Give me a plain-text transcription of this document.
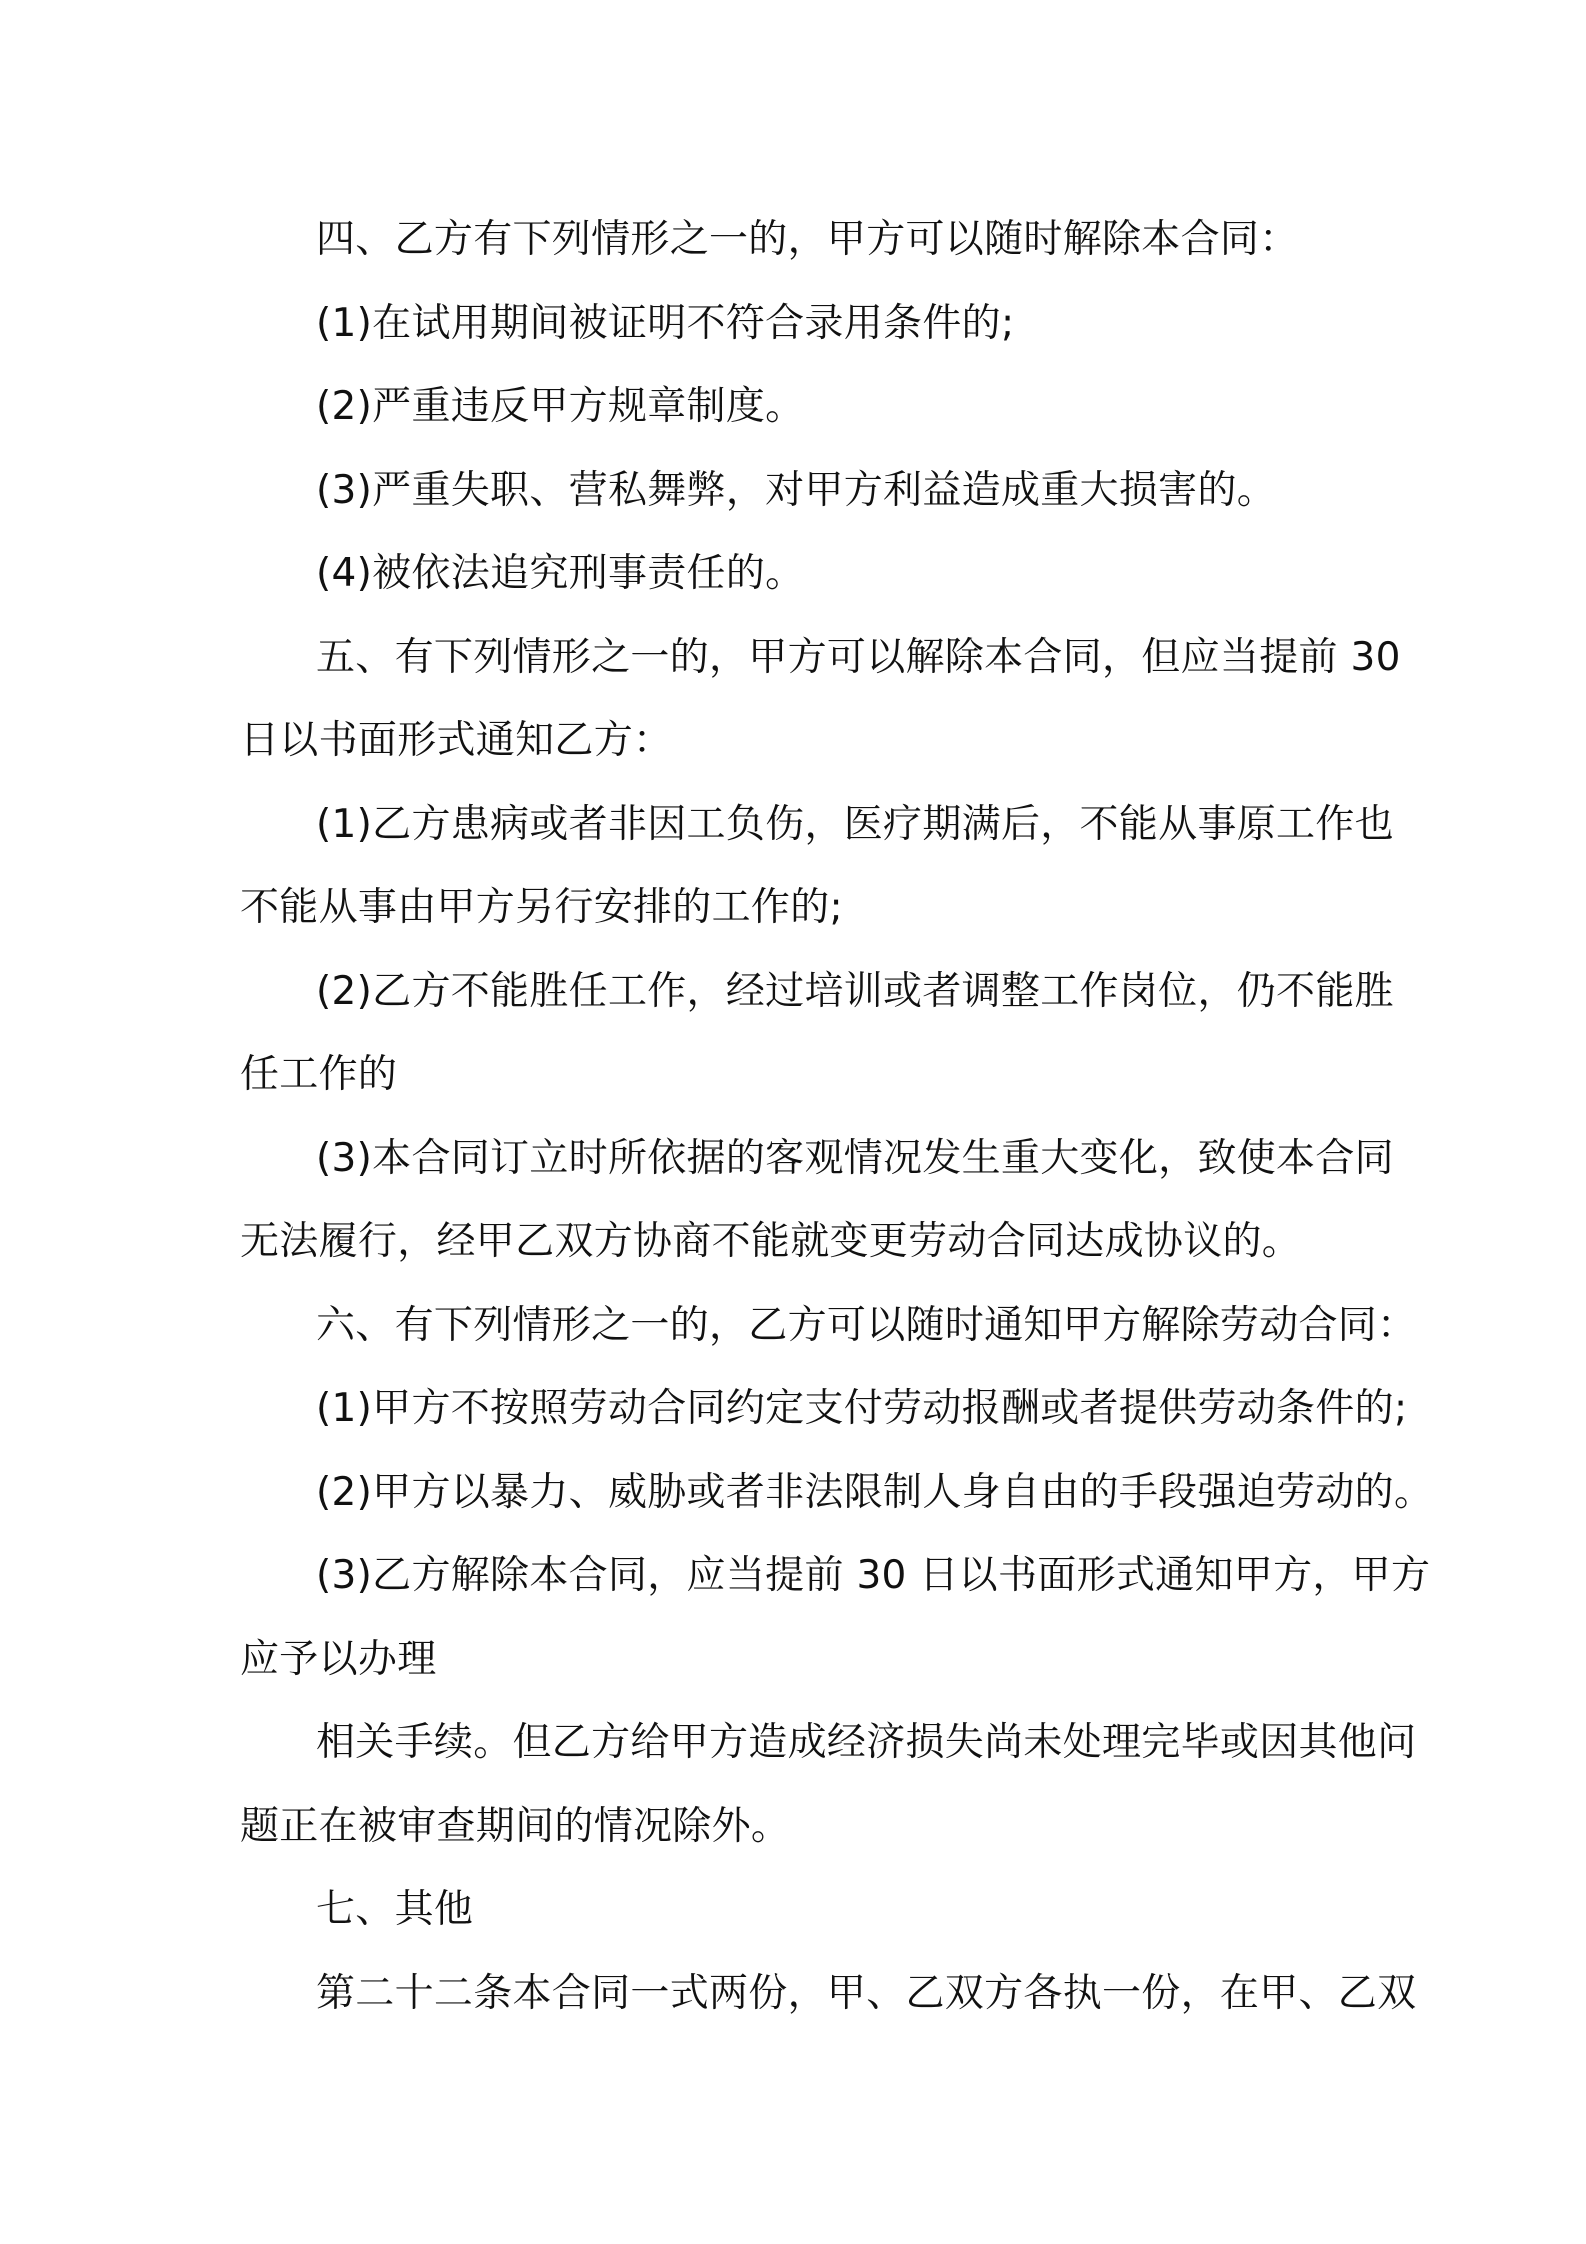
四、乙方有下列情形之一的，甲方可以随时解除本合同：
(1)在试用期间被证明不符合录用条件的;
(2)严重违反甲方规章制度。
(3)严重失职、营私舞弊，对甲方利益造成重大损害的。
(4)被依法追究刑事责任的。
五、有下列情形之一的，甲方可以解除本合同，但应当提前 30
日以书面形式通知乙方：
(1)乙方患病或者非因工负伤，医疗期满后，不能从事原工作也
不能从事由甲方另行安排的工作的;
(2)乙方不能胜任工作，经过培训或者调整工作岗位，仍不能胜
任工作的
(3)本合同订立时所依据的客观情况发生重大变化，致使本合同
无法履行，经甲乙双方协商不能就变更劳动合同达成协议的。
六、有下列情形之一的，乙方可以随时通知甲方解除劳动合同：
(1)甲方不按照劳动合同约定支付劳动报酬或者提供劳动条件的;
(2)甲方以暴力、威胁或者非法限制人身自由的手段强迫劳动的。
(3)乙方解除本合同，应当提前 30 日以书面形式通知甲方，甲方
应予以办理
相关手续。但乙方给甲方造成经济损失尚未处理完毕或因其他问
题正在被审查期间的情况除外。
七、其他
第二十二条本合同一式两份，甲、乙双方各执一份，在甲、乙双
